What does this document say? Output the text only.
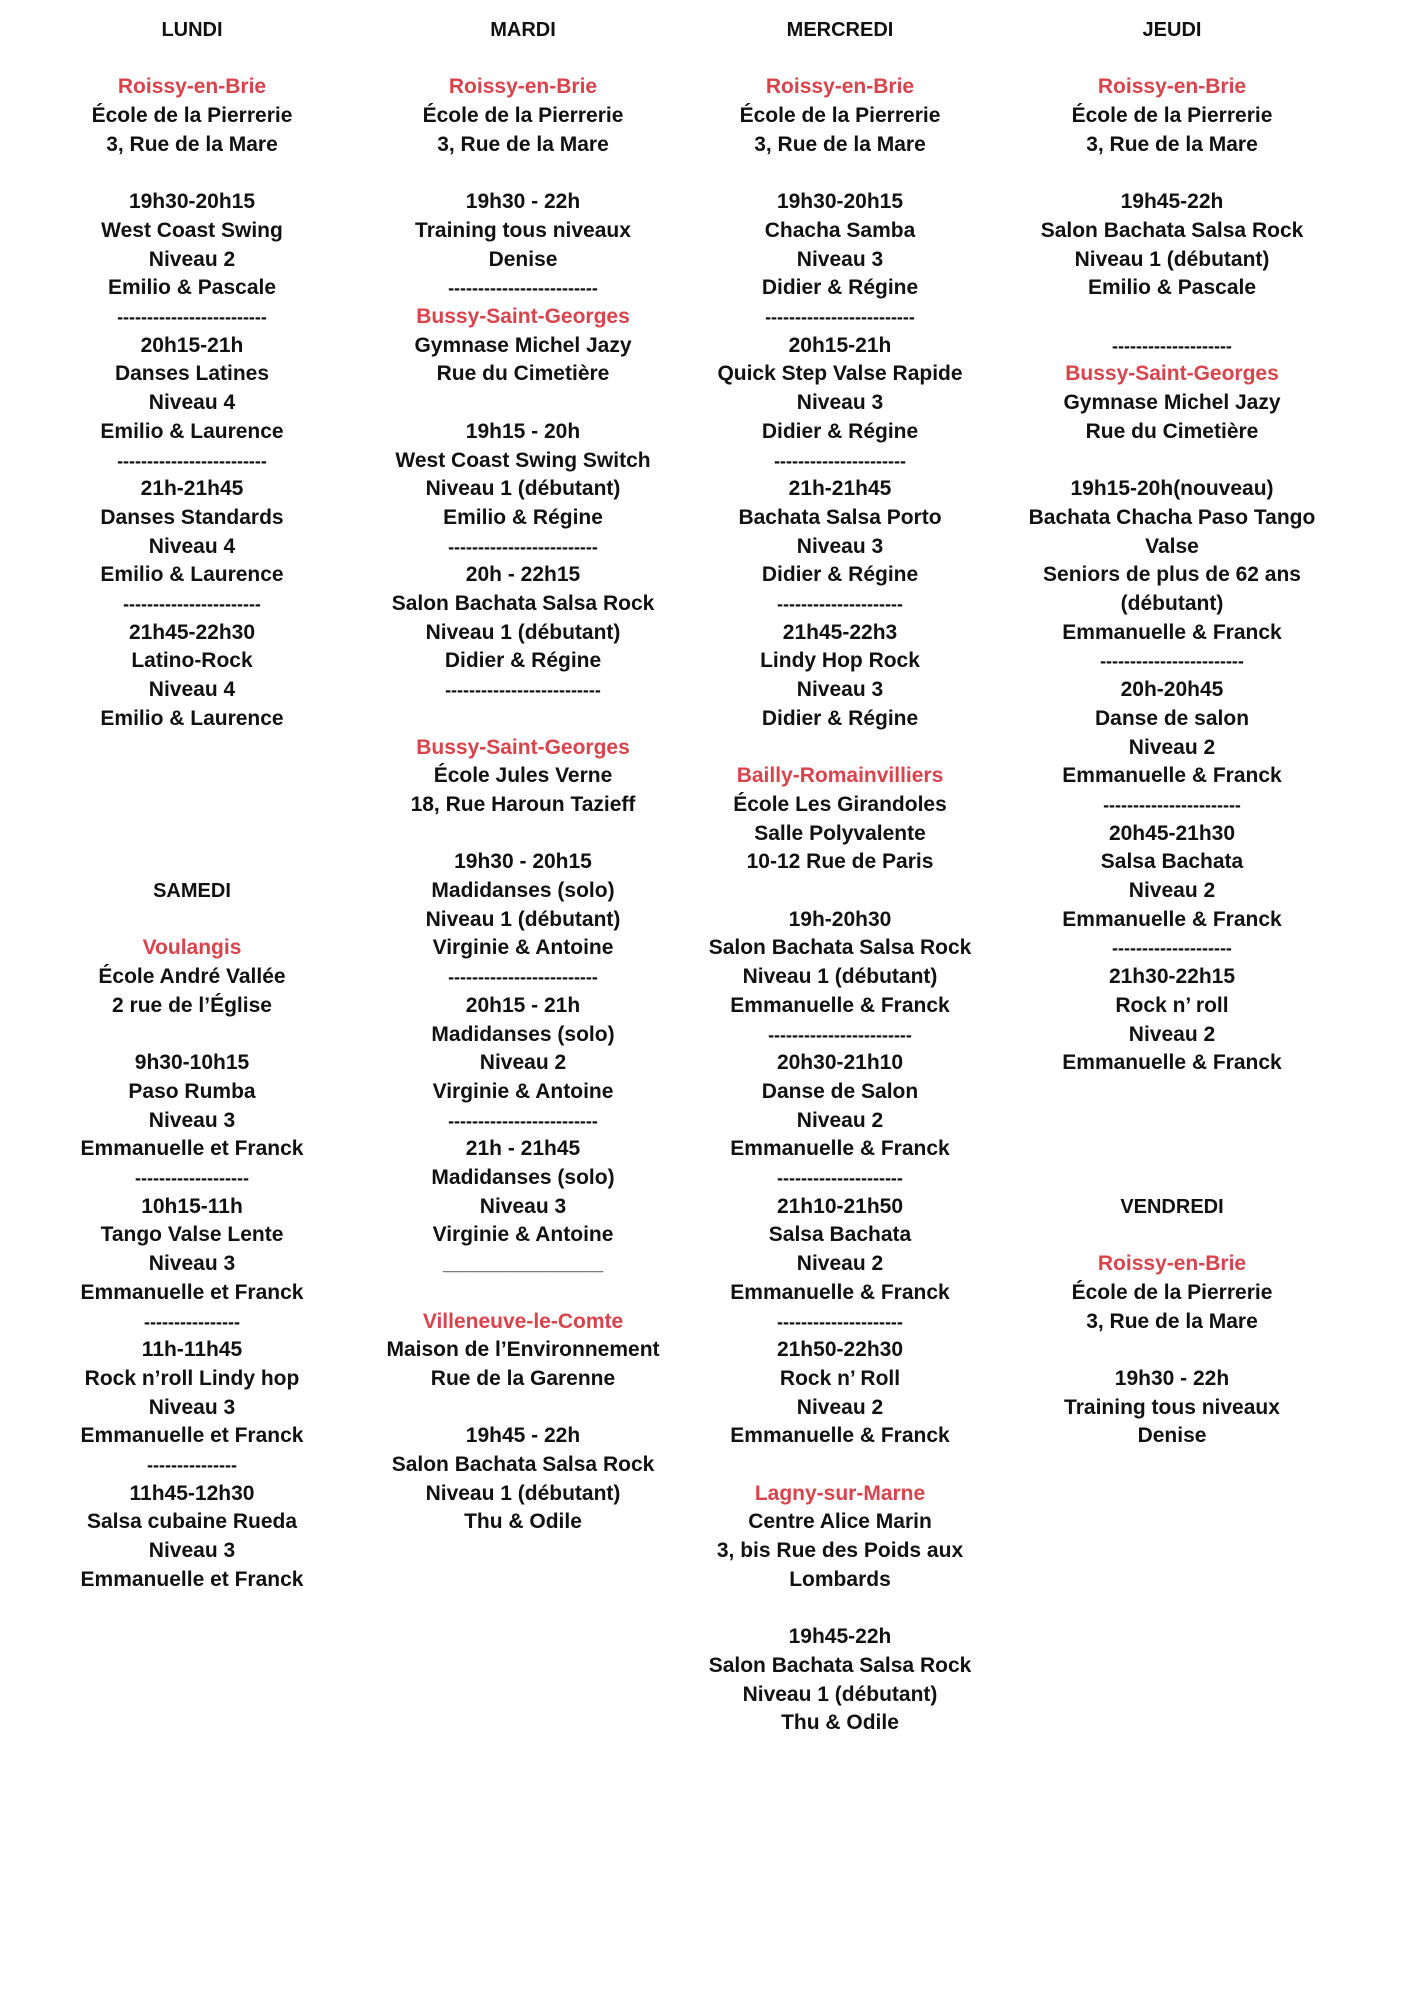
LUNDI

Roissy-en-Brie

École de la Pierrerie

3, Rue de la Mare

19h30-20h15

West Coast Swing

Niveau 2

Emilio & Pascale

-------------------------

20h15-21h

Danses Latines

Niveau 4

Emilio & Laurence

-------------------------

21h-21h45

Danses Standards

Niveau 4

Emilio & Laurence

-----------------------

21h45-22h30

Latino-Rock

Niveau 4

Emilio & Laurence

SAMEDI

Voulangis

École André Vallée

2 rue de l’Église

9h30-10h15

Paso Rumba

Niveau 3

Emmanuelle et Franck

-------------------

10h15-11h

Tango Valse Lente

Niveau 3

Emmanuelle et Franck

----------------

11h-11h45

Rock n’roll Lindy hop

Niveau 3

Emmanuelle et Franck

---------------

11h45-12h30

Salsa cubaine Rueda

Niveau 3

Emmanuelle et Franck

MARDI

Roissy-en-Brie

École de la Pierrerie

3, Rue de la Mare

19h30 - 22h

Training tous niveaux

Denise

-------------------------

Bussy-Saint-Georges

Gymnase Michel Jazy

Rue du Cimetière

19h15 - 20h

West Coast Swing Switch

Niveau 1 (débutant)

Emilio & Régine

-------------------------

20h - 22h15

Salon Bachata Salsa Rock

Niveau 1 (débutant)

Didier & Régine

--------------------------

Bussy-Saint-Georges

École Jules Verne

18, Rue Haroun Tazieff

19h30 - 20h15

Madidanses (solo)

Niveau 1 (débutant)

Virginie & Antoine

-------------------------

20h15 - 21h

Madidanses (solo)

Niveau 2

Virginie & Antoine

-------------------------

21h - 21h45

Madidanses (solo)

Niveau 3

Virginie & Antoine

________________

Villeneuve-le-Comte

Maison de l’Environnement

Rue de la Garenne

19h45 - 22h

Salon Bachata Salsa Rock

Niveau 1 (débutant)

Thu & Odile

MERCREDI

Roissy-en-Brie

École de la Pierrerie

3, Rue de la Mare

19h30-20h15

Chacha Samba

Niveau 3

Didier & Régine

-------------------------

20h15-21h

Quick Step Valse Rapide

Niveau 3

Didier & Régine

----------------------

21h-21h45

Bachata Salsa Porto

Niveau 3

Didier & Régine

---------------------

21h45-22h3

Lindy Hop Rock

Niveau 3

Didier & Régine

Bailly-Romainvilliers

École Les Girandoles

Salle Polyvalente

10-12 Rue de Paris

19h-20h30

Salon Bachata Salsa Rock

Niveau 1 (débutant)

Emmanuelle & Franck

------------------------

20h30-21h10

Danse de Salon

Niveau 2

Emmanuelle & Franck

---------------------

21h10-21h50

Salsa Bachata

Niveau 2

Emmanuelle & Franck

---------------------

21h50-22h30

Rock n’ Roll

Niveau 2

Emmanuelle & Franck

Lagny-sur-Marne

Centre Alice Marin

3, bis Rue des Poids aux

Lombards

19h45-22h

Salon Bachata Salsa Rock

Niveau 1 (débutant)

Thu & Odile

JEUDI

Roissy-en-Brie

École de la Pierrerie

3, Rue de la Mare

19h45-22h

Salon Bachata Salsa Rock

Niveau 1 (débutant)

Emilio & Pascale

--------------------

Bussy-Saint-Georges

Gymnase Michel Jazy

Rue du Cimetière

19h15-20h(nouveau)

Bachata Chacha Paso Tango

Valse

Seniors de plus de 62 ans

(débutant)

Emmanuelle & Franck

------------------------

20h-20h45

Danse de salon

Niveau 2

Emmanuelle & Franck

-----------------------

20h45-21h30

Salsa Bachata

Niveau 2

Emmanuelle & Franck

--------------------

21h30-22h15

Rock n’ roll

Niveau 2

Emmanuelle & Franck

VENDREDI

Roissy-en-Brie

École de la Pierrerie

3, Rue de la Mare

19h30 - 22h

Training tous niveaux

Denise
